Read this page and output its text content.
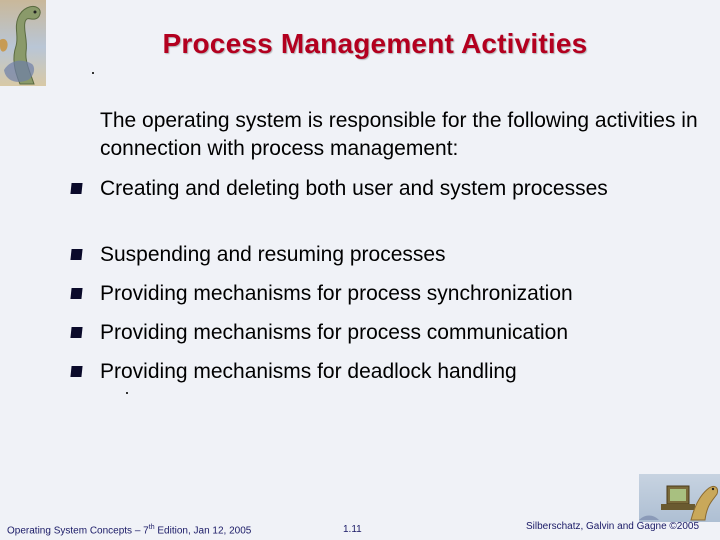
Process Management Activities
The operating system is responsible for the following activities in connection with process management:
Creating and deleting both user and system processes
Suspending and resuming processes
Providing mechanisms for process synchronization
Providing mechanisms for process communication
Providing mechanisms for deadlock handling
Operating System Concepts – 7th Edition, Jan 12, 2005	1.11	Silberschatz, Galvin and Gagne ©2005
